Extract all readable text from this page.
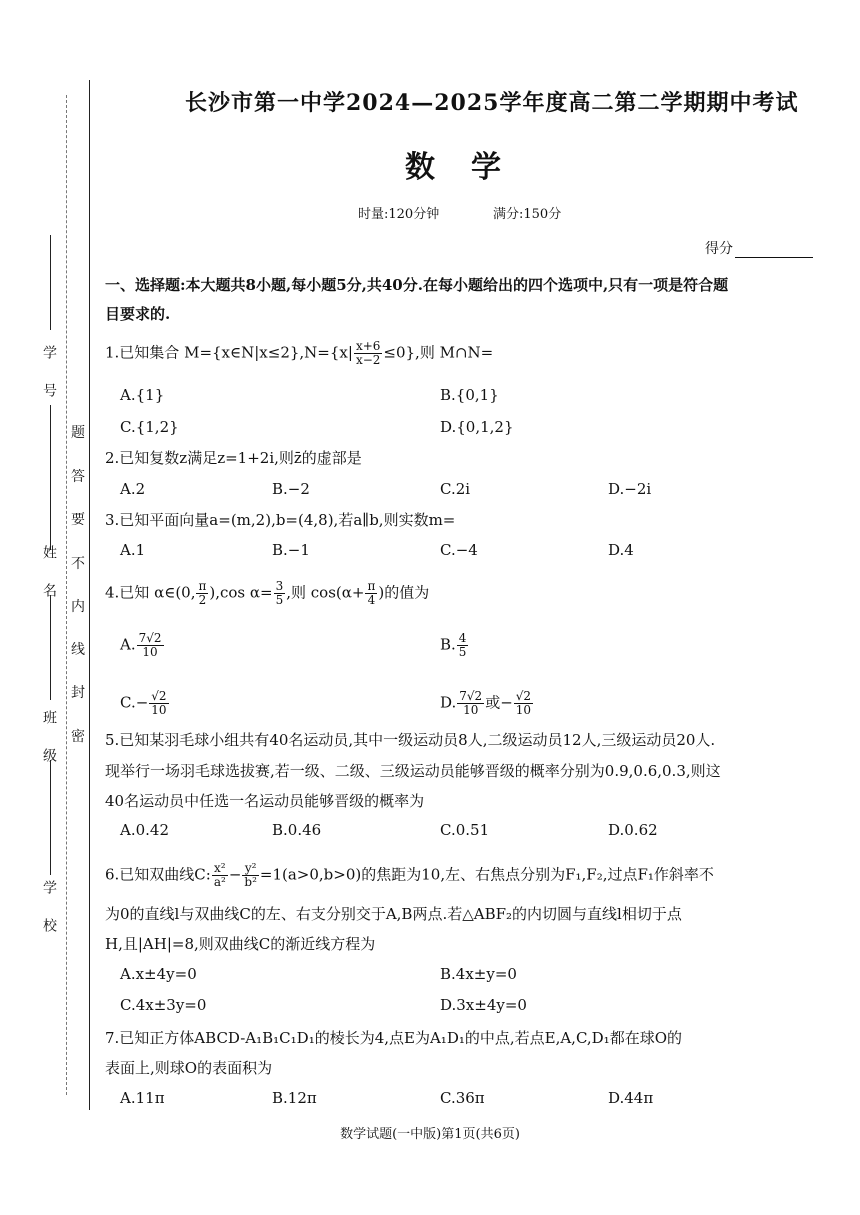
学号
姓名
班级
学校
题
答
要
不
内
线
封
密
长沙市第一中学2024—2025学年度高二第二学期期中考试
数学
时量:120分钟	满分:150分
得分
一、选择题:本大题共8小题,每小题5分,共40分.在每小题给出的四个选项中,只有一项是符合题
目要求的.
1.已知集合 M={x∈N|x≤2},N={x| $\frac{x+6}{x-2} \le 0$},则 M∩N=
A.{1}	B.{0,1}
C.{1,2}	D.{0,1,2}
2.已知复数z满足z=1+2i,则z̄的虚部是
A.2	B.−2	C.2i	D.−2i
3.已知平面向量a=(m,2),b=(4,8),若a∥b,则实数m=
A.1	B.−1	C.−4	D.4
4.已知 α∈(0, $\frac{\pi}{2} ),\cos$ $\alpha= \frac{3}{5}$ ,则 $\cos(\alpha+ \frac{\pi}{4}$ )的值为
A. $\frac{7√2}{10}$	B. $\frac{4}{5}$
$C.- \frac{√2}{10}$	D. $\frac{7√2}{10}$ 或− $\frac{√2}{10}$
5.已知某羽毛球小组共有40名运动员,其中一级运动员8人,二级运动员12人,三级运动员20人.
现举行一场羽毛球选拔赛,若一级、二级、三级运动员能够晋级的概率分别为0.9,0.6,0.3,则这
40名运动员中任选一名运动员能够晋级的概率为
A.0.42	B.0.46	C.0.51	D.0.62
6.已知双曲线C: $\frac{\text{x²}}{\text{a²}} - \frac{\text{y²}}{\text{b²}} =1(a>0,b>0)$的焦距为10,左、右焦点分别为F₁,F₂,过点F₁作斜率不
为0的直线l与双曲线C的左、右支分别交于A,B两点.若△ABF₂的内切圆与直线l相切于点
H,且|AH|=8,则双曲线C的渐近线方程为
A.x±4y=0	B.4x±y=0
C.4x±3y=0	D.3x±4y=0
7.已知正方体ABCD-A₁B₁C₁D₁的棱长为4,点E为A₁D₁的中点,若点E,A,C,D₁都在球O的
表面上,则球O的表面积为
A.11π	B.12π	C.36π	D.44π
数学试题(一中版)第1页(共6页)
